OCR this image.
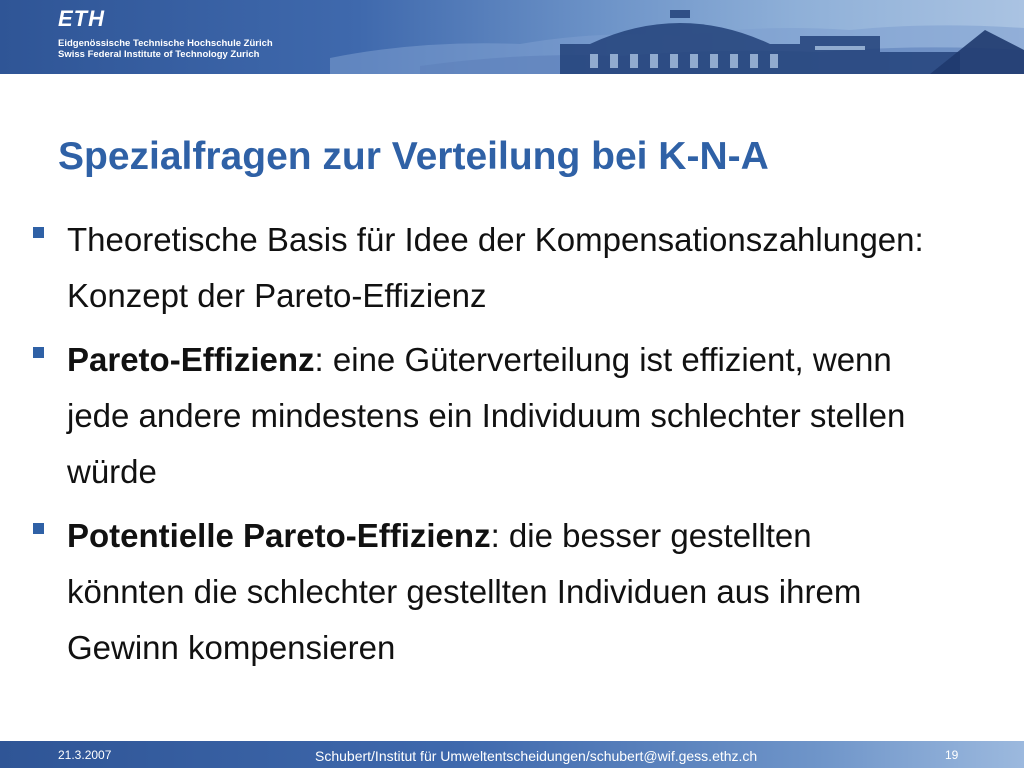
ETH
Eidgenössische Technische Hochschule Zürich
Swiss Federal Institute of Technology Zurich
Spezialfragen zur Verteilung bei K-N-A
Theoretische Basis für Idee der Kompensationszahlungen: Konzept der Pareto-Effizienz
Pareto-Effizienz: eine Güterverteilung ist effizient, wenn jede andere mindestens ein Individuum schlechter stellen würde
Potentielle Pareto-Effizienz: die besser gestellten könnten die schlechter gestellten Individuen aus ihrem Gewinn kompensieren
21.3.2007	Schubert/Institut für Umweltentscheidungen/schubert@wif.gess.ethz.ch	19
